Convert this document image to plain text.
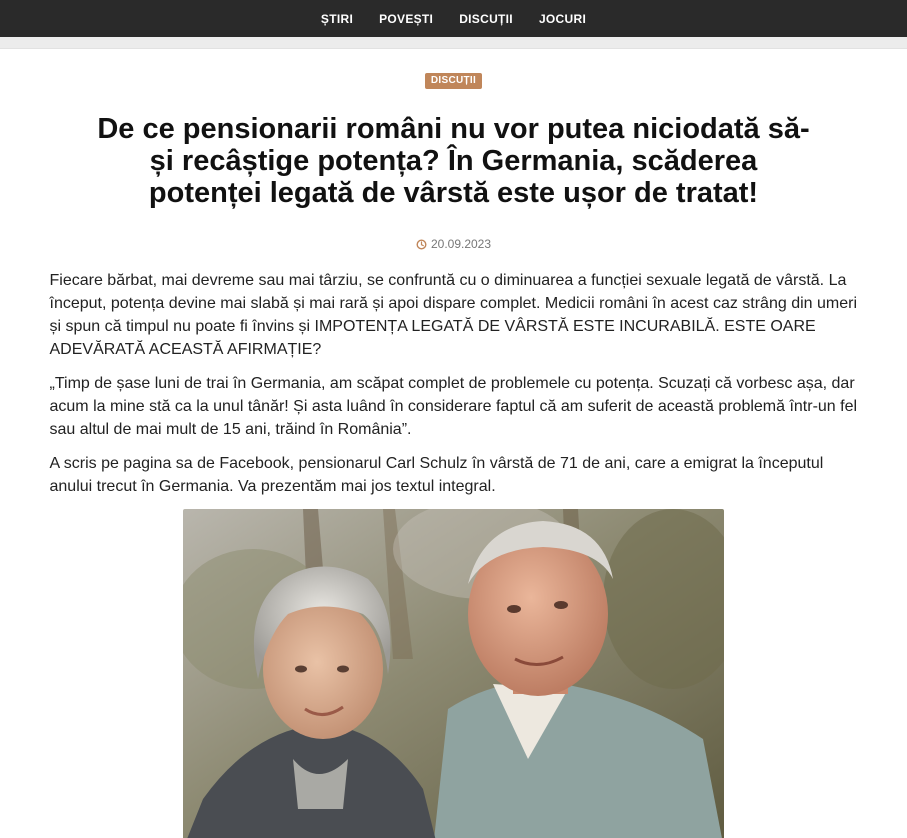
ȘTIRI POVEȘTI DISCUȚII JOCURI
DISCUȚII
De ce pensionarii români nu vor putea niciodată să-și recâștige potența? În Germania, scăderea potenței legată de vârstă este ușor de tratat!
20.09.2023

Fiecare bărbat, mai devreme sau mai târziu, se confruntă cu o diminuarea a funcției sexuale legată de vârstă. La început, potența devine mai slabă și mai rară și apoi dispare complet. Medicii români în acest caz strâng din umeri și spun că timpul nu poate fi învins și IMPOTENȚA LEGATĂ DE VÂRSTĂ ESTE INCURABILĂ. ESTE OARE ADEVĂRATĂ ACEASTĂ AFIRMAȚIE?

„Timp de șase luni de trai în Germania, am scăpat complet de problemele cu potența. Scuzați că vorbesc așa, dar acum la mine stă ca la unul tânăr! Și asta luând în considerare faptul că am suferit de această problemă într-un fel sau altul de mai mult de 15 ani, trăind în România”.

A scris pe pagina sa de Facebook, pensionarul Carl Schulz în vârstă de 71 de ani, care a emigrat la începutul anului trecut în Germania. Va prezentăm mai jos textul integral.
